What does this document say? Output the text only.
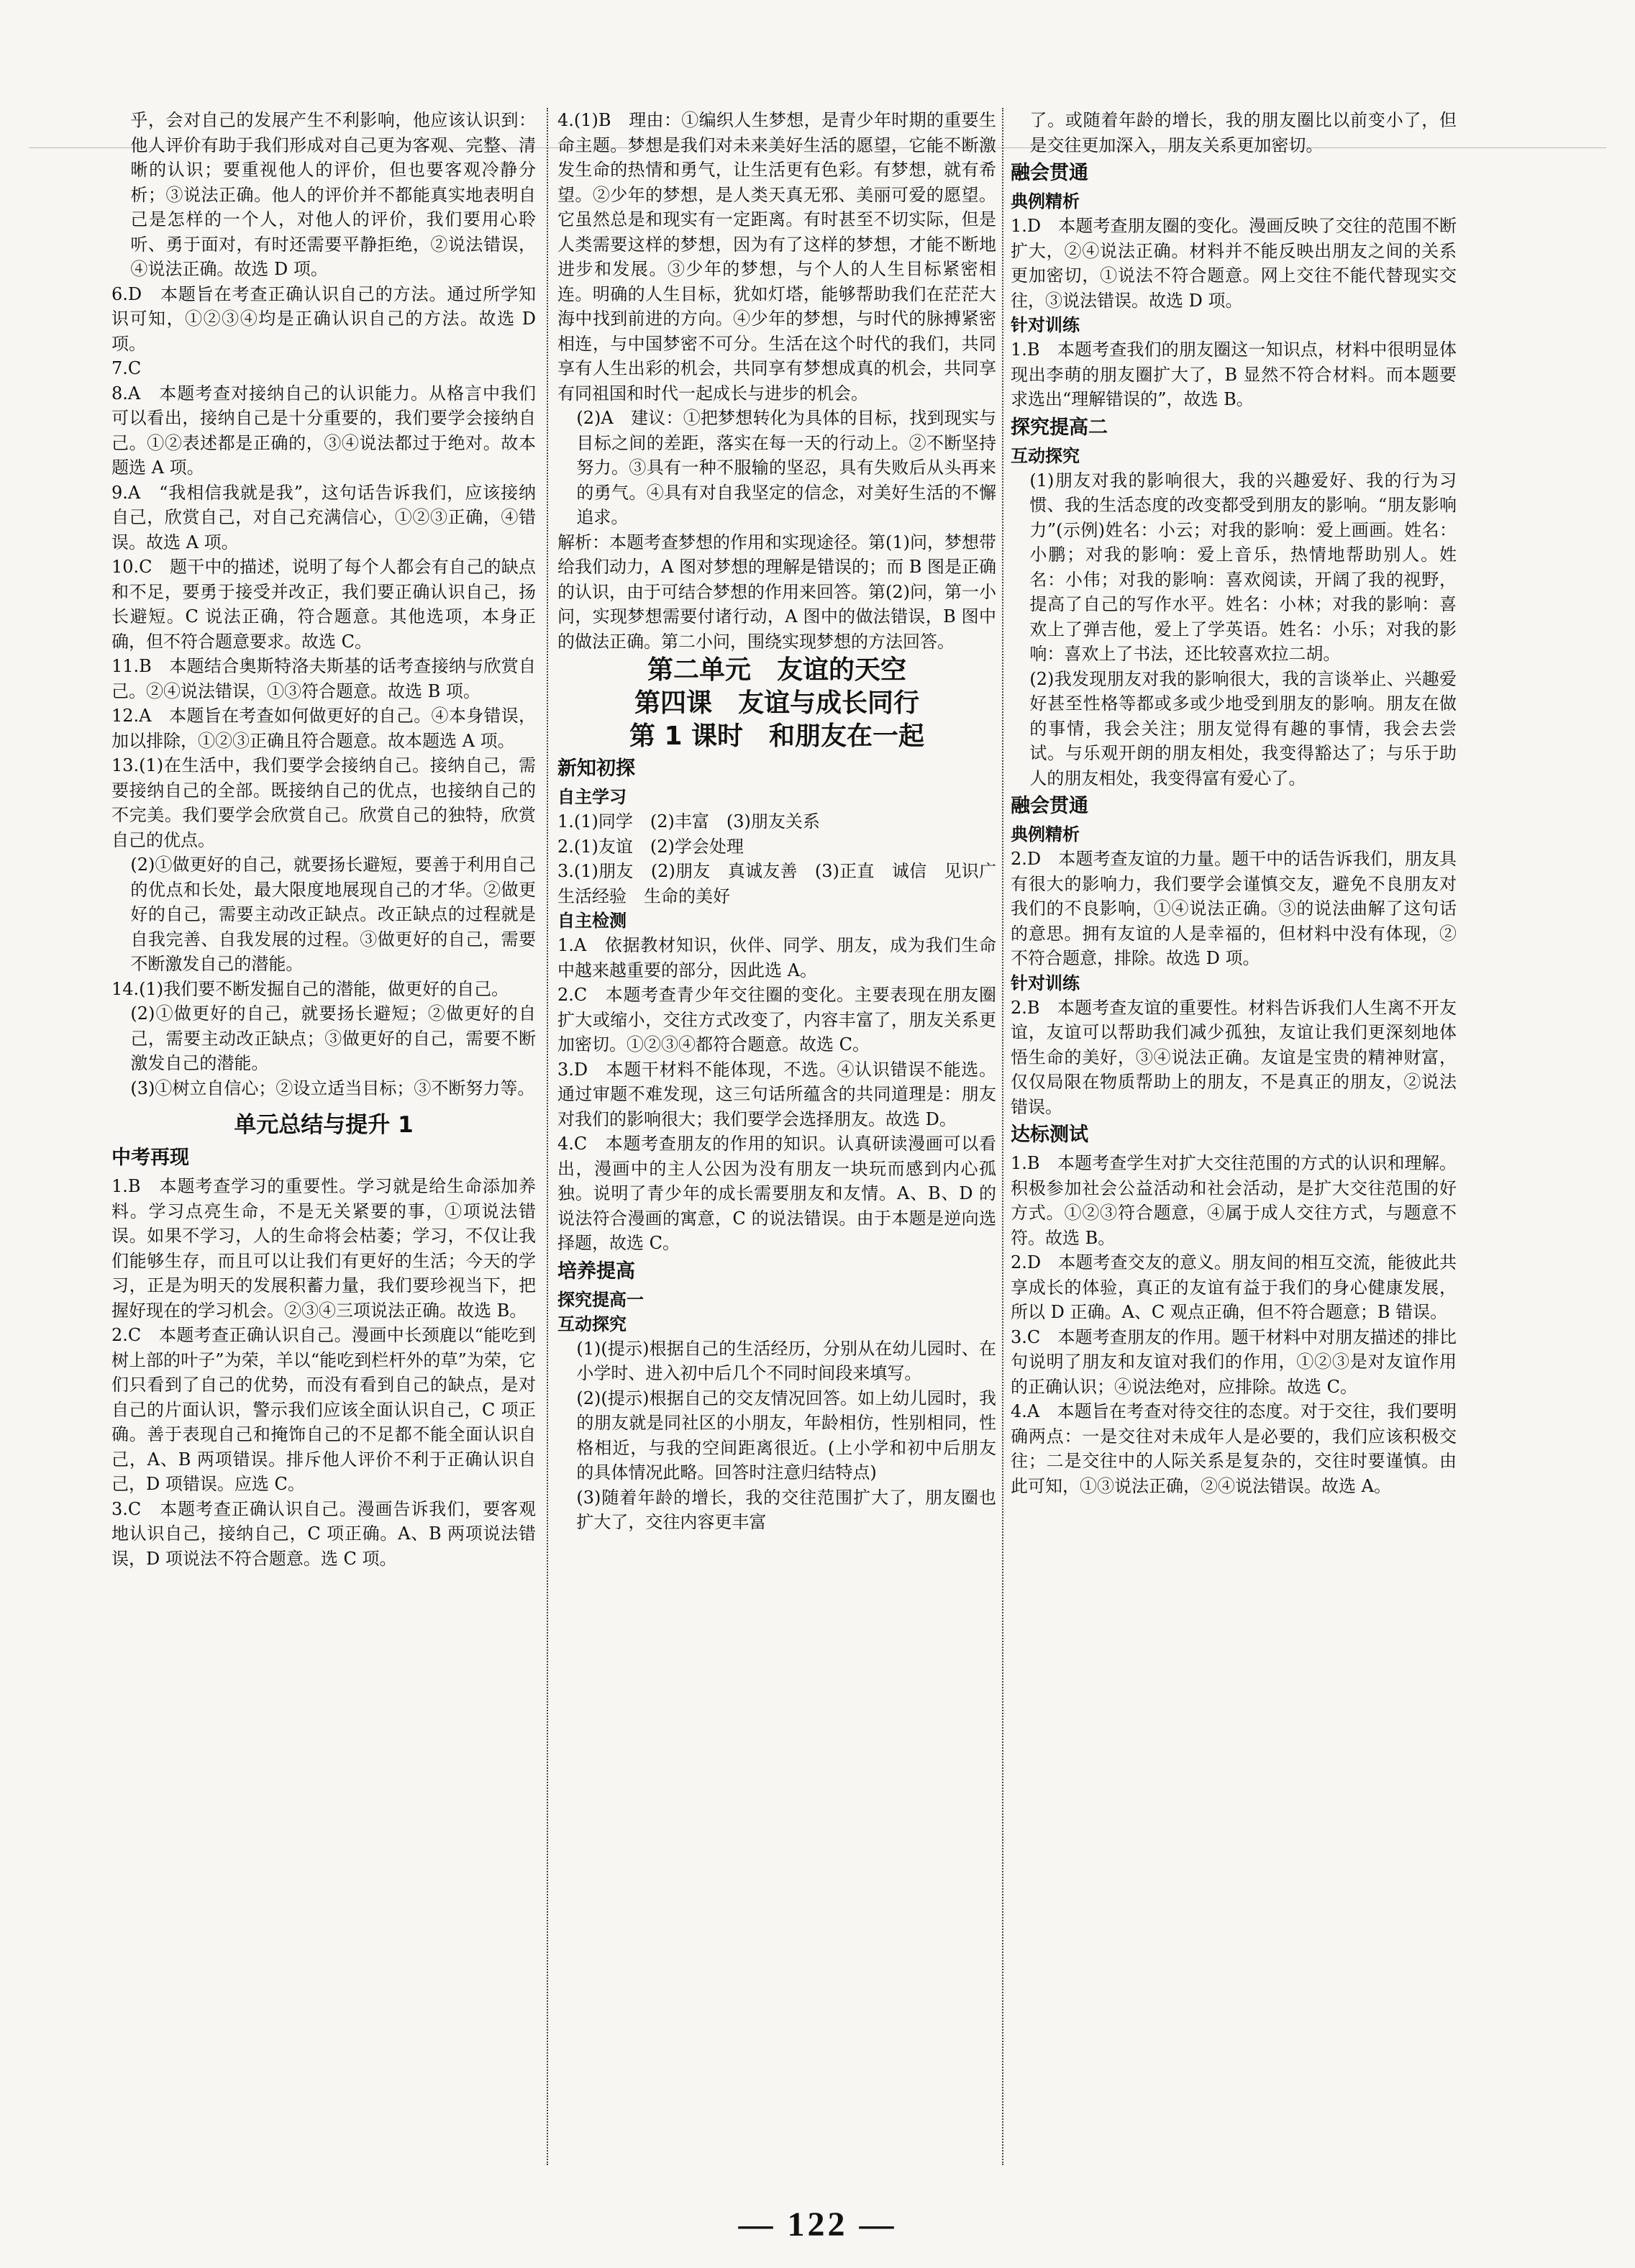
乎，会对自己的发展产生不利影响，他应该认识到：他人评价有助于我们形成对自己更为客观、完整、清晰的认识；要重视他人的评价，但也要客观冷静分析；③说法正确。他人的评价并不都能真实地表明自己是怎样的一个人，对他人的评价，我们要用心聆听、勇于面对，有时还需要平静拒绝，②说法错误，④说法正确。故选 D 项。

6.D　本题旨在考查正确认识自己的方法。通过所学知识可知，①②③④均是正确认识自己的方法。故选 D 项。

7.C

8.A　本题考查对接纳自己的认识能力。从格言中我们可以看出，接纳自己是十分重要的，我们要学会接纳自己。①②表述都是正确的，③④说法都过于绝对。故本题选 A 项。

9.A　“我相信我就是我”，这句话告诉我们，应该接纳自己，欣赏自己，对自己充满信心，①②③正确，④错误。故选 A 项。

10.C　题干中的描述，说明了每个人都会有自己的缺点和不足，要勇于接受并改正，我们要正确认识自己，扬长避短。C 说法正确，符合题意。其他选项，本身正确，但不符合题意要求。故选 C。

11.B　本题结合奥斯特洛夫斯基的话考查接纳与欣赏自己。②④说法错误，①③符合题意。故选 B 项。

12.A　本题旨在考查如何做更好的自己。④本身错误，加以排除，①②③正确且符合题意。故本题选 A 项。

13.(1)在生活中，我们要学会接纳自己。接纳自己，需要接纳自己的全部。既接纳自己的优点，也接纳自己的不完美。我们要学会欣赏自己。欣赏自己的独特，欣赏自己的优点。

(2)①做更好的自己，就要扬长避短，要善于利用自己的优点和长处，最大限度地展现自己的才华。②做更好的自己，需要主动改正缺点。改正缺点的过程就是自我完善、自我发展的过程。③做更好的自己，需要不断激发自己的潜能。

14.(1)我们要不断发掘自己的潜能，做更好的自己。

(2)①做更好的自己，就要扬长避短；②做更好的自己，需要主动改正缺点；③做更好的自己，需要不断激发自己的潜能。

(3)①树立自信心；②设立适当目标；③不断努力等。

单元总结与提升 1
中考再现

1.B　本题考查学习的重要性。学习就是给生命添加养料。学习点亮生命，不是无关紧要的事，①项说法错误。如果不学习，人的生命将会枯萎；学习，不仅让我们能够生存，而且可以让我们有更好的生活；今天的学习，正是为明天的发展积蓄力量，我们要珍视当下，把握好现在的学习机会。②③④三项说法正确。故选 B。

2.C　本题考查正确认识自己。漫画中长颈鹿以“能吃到树上部的叶子”为荣，羊以“能吃到栏杆外的草”为荣，它们只看到了自己的优势，而没有看到自己的缺点，是对自己的片面认识，警示我们应该全面认识自己，C 项正确。善于表现自己和掩饰自己的不足都不能全面认识自己，A、B 两项错误。排斥他人评价不利于正确认识自己，D 项错误。应选 C。

3.C　本题考查正确认识自己。漫画告诉我们，要客观地认识自己，接纳自己，C 项正确。A、B 两项说法错误，D 项说法不符合题意。选 C 项。

4.(1)B　理由：①编织人生梦想，是青少年时期的重要生命主题。梦想是我们对未来美好生活的愿望，它能不断激发生命的热情和勇气，让生活更有色彩。有梦想，就有希望。②少年的梦想，是人类天真无邪、美丽可爱的愿望。它虽然总是和现实有一定距离。有时甚至不切实际，但是人类需要这样的梦想，因为有了这样的梦想，才能不断地进步和发展。③少年的梦想，与个人的人生目标紧密相连。明确的人生目标，犹如灯塔，能够帮助我们在茫茫大海中找到前进的方向。④少年的梦想，与时代的脉搏紧密相连，与中国梦密不可分。生活在这个时代的我们，共同享有人生出彩的机会，共同享有梦想成真的机会，共同享有同祖国和时代一起成长与进步的机会。

(2)A　建议：①把梦想转化为具体的目标，找到现实与目标之间的差距，落实在每一天的行动上。②不断坚持努力。③具有一种不服输的坚忍，具有失败后从头再来的勇气。④具有对自我坚定的信念，对美好生活的不懈追求。

解析：本题考查梦想的作用和实现途径。第(1)问，梦想带给我们动力，A 图对梦想的理解是错误的；而 B 图是正确的认识，由于可结合梦想的作用来回答。第(2)问，第一小问，实现梦想需要付诸行动，A 图中的做法错误，B 图中的做法正确。第二小问，围绕实现梦想的方法回答。

第二单元　友谊的天空
第四课　友谊与成长同行
第 1 课时　和朋友在一起
新知初探
自主学习

1.(1)同学　(2)丰富　(3)朋友关系

2.(1)友谊　(2)学会处理

3.(1)朋友　(2)朋友　真诚友善　(3)正直　诚信　见识广　生活经验　生命的美好

自主检测

1.A　依据教材知识，伙伴、同学、朋友，成为我们生命中越来越重要的部分，因此选 A。

2.C　本题考查青少年交往圈的变化。主要表现在朋友圈扩大或缩小，交往方式改变了，内容丰富了，朋友关系更加密切。①②③④都符合题意。故选 C。

3.D　本题干材料不能体现，不选。④认识错误不能选。通过审题不难发现，这三句话所蕴含的共同道理是：朋友对我们的影响很大；我们要学会选择朋友。故选 D。

4.C　本题考查朋友的作用的知识。认真研读漫画可以看出，漫画中的主人公因为没有朋友一块玩而感到内心孤独。说明了青少年的成长需要朋友和友情。A、B、D 的说法符合漫画的寓意，C 的说法错误。由于本题是逆向选择题，故选 C。

培养提高
探究提高一
互动探究

(1)(提示)根据自己的生活经历，分别从在幼儿园时、在小学时、进入初中后几个不同时间段来填写。

(2)(提示)根据自己的交友情况回答。如上幼儿园时，我的朋友就是同社区的小朋友，年龄相仿，性别相同，性格相近，与我的空间距离很近。(上小学和初中后朋友的具体情况此略。回答时注意归结特点)

(3)随着年龄的增长，我的交往范围扩大了，朋友圈也扩大了，交往内容更丰富

了。或随着年龄的增长，我的朋友圈比以前变小了，但是交往更加深入，朋友关系更加密切。

融会贯通
典例精析

1.D　本题考查朋友圈的变化。漫画反映了交往的范围不断扩大，②④说法正确。材料并不能反映出朋友之间的关系更加密切，①说法不符合题意。网上交往不能代替现实交往，③说法错误。故选 D 项。

针对训练

1.B　本题考查我们的朋友圈这一知识点，材料中很明显体现出李萌的朋友圈扩大了，B 显然不符合材料。而本题要求选出“理解错误的”，故选 B。

探究提高二
互动探究

(1)朋友对我的影响很大，我的兴趣爱好、我的行为习惯、我的生活态度的改变都受到朋友的影响。“朋友影响力”(示例)姓名：小云；对我的影响：爱上画画。姓名：小鹏；对我的影响：爱上音乐，热情地帮助别人。姓名：小伟；对我的影响：喜欢阅读，开阔了我的视野，提高了自己的写作水平。姓名：小林；对我的影响：喜欢上了弹吉他，爱上了学英语。姓名：小乐；对我的影响：喜欢上了书法，还比较喜欢拉二胡。

(2)我发现朋友对我的影响很大，我的言谈举止、兴趣爱好甚至性格等都或多或少地受到朋友的影响。朋友在做的事情，我会关注；朋友觉得有趣的事情，我会去尝试。与乐观开朗的朋友相处，我变得豁达了；与乐于助人的朋友相处，我变得富有爱心了。

融会贯通
典例精析

2.D　本题考查友谊的力量。题干中的话告诉我们，朋友具有很大的影响力，我们要学会谨慎交友，避免不良朋友对我们的不良影响，①④说法正确。③的说法曲解了这句话的意思。拥有友谊的人是幸福的，但材料中没有体现，②不符合题意，排除。故选 D 项。

针对训练

2.B　本题考查友谊的重要性。材料告诉我们人生离不开友谊，友谊可以帮助我们减少孤独，友谊让我们更深刻地体悟生命的美好，③④说法正确。友谊是宝贵的精神财富，仅仅局限在物质帮助上的朋友，不是真正的朋友，②说法错误。

达标测试

1.B　本题考查学生对扩大交往范围的方式的认识和理解。积极参加社会公益活动和社会活动，是扩大交往范围的好方式。①②③符合题意，④属于成人交往方式，与题意不符。故选 B。

2.D　本题考查交友的意义。朋友间的相互交流，能彼此共享成长的体验，真正的友谊有益于我们的身心健康发展，所以 D 正确。A、C 观点正确，但不符合题意；B 错误。

3.C　本题考查朋友的作用。题干材料中对朋友描述的排比句说明了朋友和友谊对我们的作用，①②③是对友谊作用的正确认识；④说法绝对，应排除。故选 C。

4.A　本题旨在考查对待交往的态度。对于交往，我们要明确两点：一是交往对未成年人是必要的，我们应该积极交往；二是交往中的人际关系是复杂的，交往时要谨慎。由此可知，①③说法正确，②④说法错误。故选 A。

— 122 —
